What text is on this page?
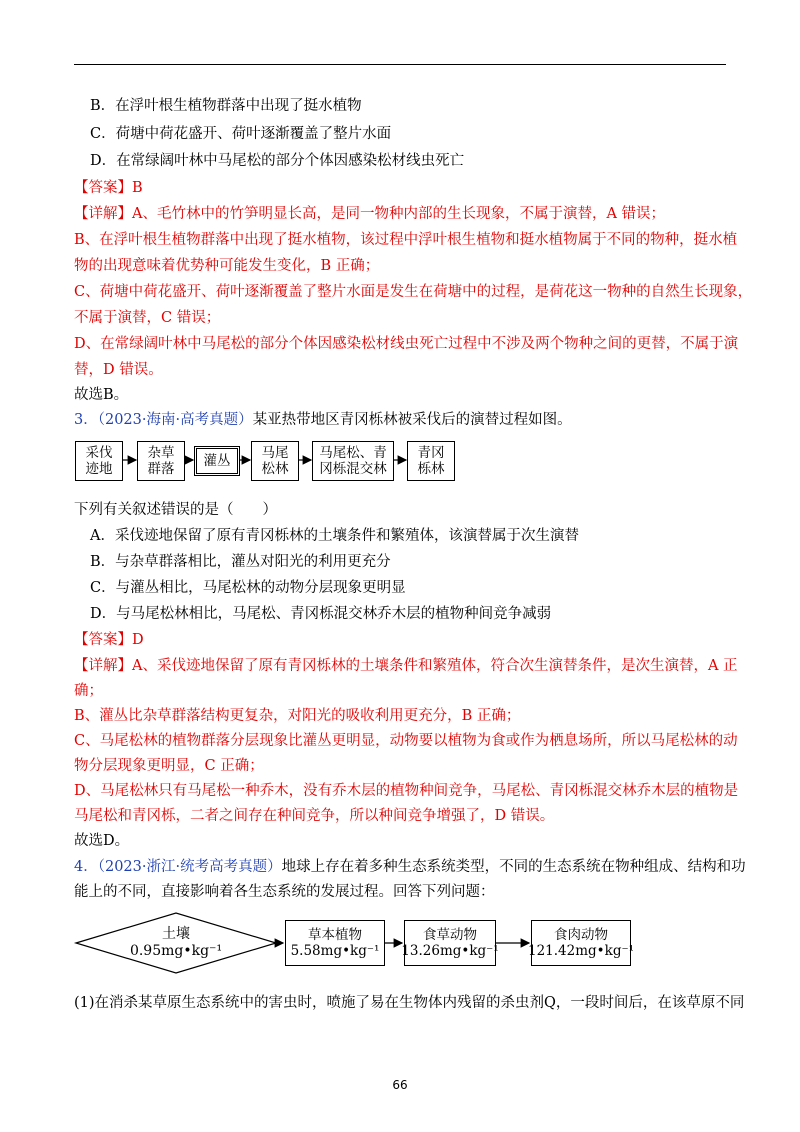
B．在浮叶根生植物群落中出现了挺水植物
C．荷塘中荷花盛开、荷叶逐渐覆盖了整片水面
D．在常绿阔叶林中马尾松的部分个体因感染松材线虫死亡
【答案】B
【详解】A、毛竹林中的竹笋明显长高，是同一物种内部的生长现象，不属于演替，A 错误；
B、在浮叶根生植物群落中出现了挺水植物，该过程中浮叶根生植物和挺水植物属于不同的物种，挺水植
物的出现意味着优势种可能发生变化，B 正确；
C、荷塘中荷花盛开、荷叶逐渐覆盖了整片水面是发生在荷塘中的过程，是荷花这一物种的自然生长现象，
不属于演替，C 错误；
D、在常绿阔叶林中马尾松的部分个体因感染松材线虫死亡过程中不涉及两个物种之间的更替，不属于演
替，D 错误。
故选B。
3．（2023·海南·高考真题）某亚热带地区青冈栎林被采伐后的演替过程如图。
采伐
迹地
杂草
群落 灌丛 马尾
松林
马尾松、青
冈栎混交林
青冈
栎林
下列有关叙述错误的是（　　）
A．采伐迹地保留了原有青冈栎林的土壤条件和繁殖体，该演替属于次生演替
B．与杂草群落相比，灌丛对阳光的利用更充分
C．与灌丛相比，马尾松林的动物分层现象更明显
D．与马尾松林相比，马尾松、青冈栎混交林乔木层的植物种间竞争减弱
【答案】D
【详解】A、采伐迹地保留了原有青冈栎林的土壤条件和繁殖体，符合次生演替条件，是次生演替，A 正
确；
B、灌丛比杂草群落结构更复杂，对阳光的吸收利用更充分，B 正确；
C、马尾松林的植物群落分层现象比灌丛更明显，动物要以植物为食或作为栖息场所，所以马尾松林的动
物分层现象更明显，C 正确；
D、马尾松林只有马尾松一种乔木，没有乔木层的植物种间竞争，马尾松、青冈栎混交林乔木层的植物是
马尾松和青冈栎，二者之间存在种间竞争，所以种间竞争增强了，D 错误。
故选D。
4．（2023·浙江·统考高考真题）地球上存在着多种生态系统类型，不同的生态系统在物种组成、结构和功
能上的不同，直接影响着各生态系统的发展过程。回答下列问题：
土壤
0.95mg•kg⁻¹
草本植物
5.58mg•kg⁻¹
食草动物
13.26mg•kg⁻¹
食肉动物
121.42mg•kg⁻¹
(1)在消杀某草原生态系统中的害虫时，喷施了易在生物体内残留的杀虫剂Q，一段时间后，在该草原不同
66
